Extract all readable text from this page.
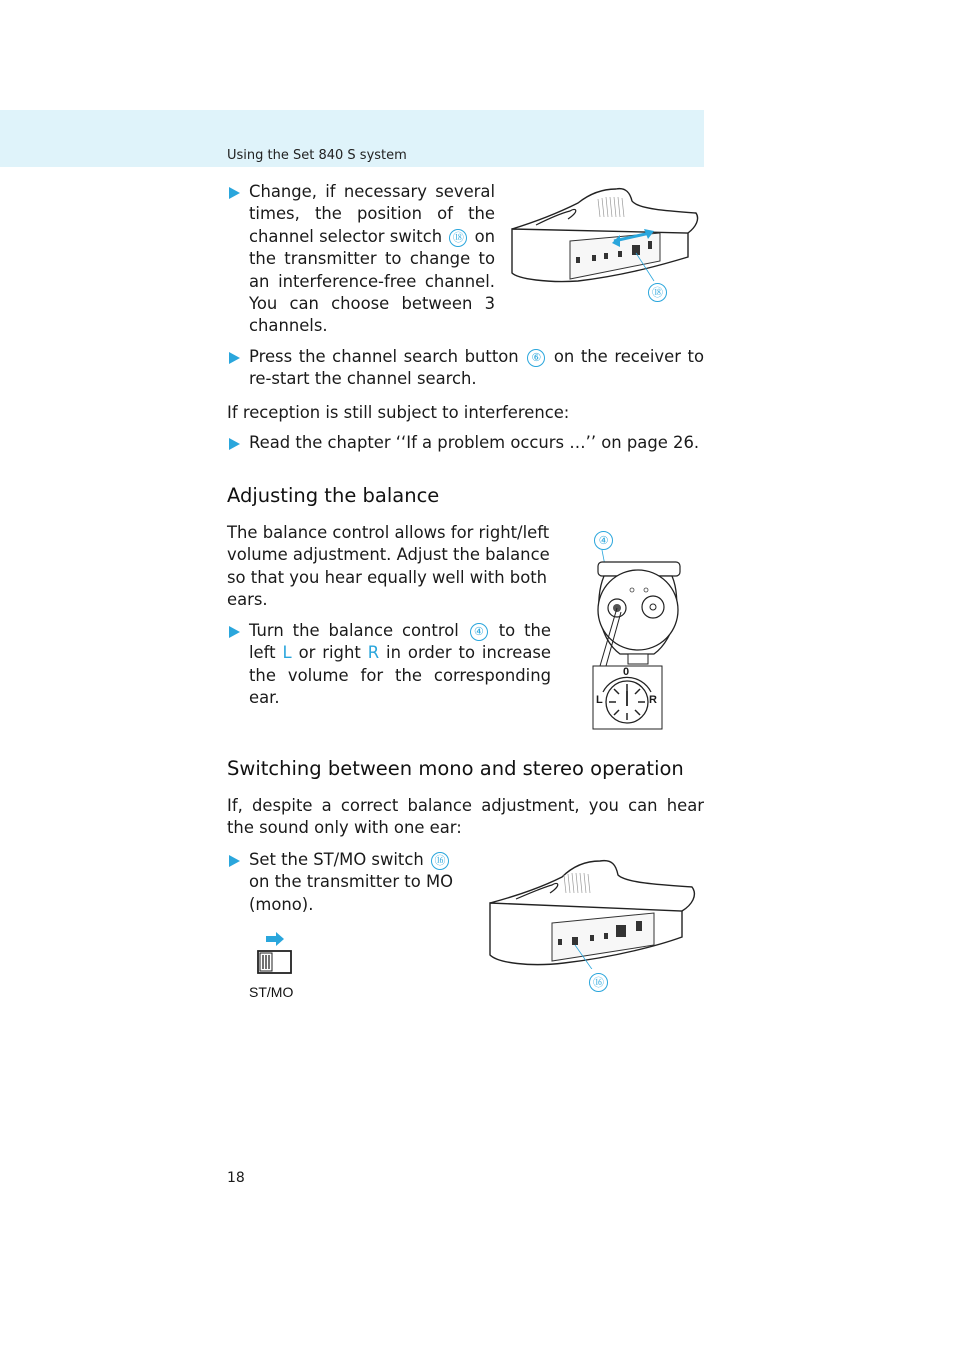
Using the Set 840 S system

Change, if necessary several times, the position of the channel selector switch ⑱ on the transmitter to change to an interference-free channel. You can choose between 3 channels.

⑱

Press the channel search button ⑥ on the receiver to re-start the channel search.

If reception is still subject to interference:

Read the chapter ‘‘If a problem occurs …’’ on page 26.

Adjusting the balance

The balance control allows for right/left volume adjustment. Adjust the balance so that you hear equally well with both ears.

Turn the balance control ④ to the left L or right R in order to increase the volume for the corresponding ear.

④
0
L	R
Switching between mono and stereo operation

If, despite a correct balance adjustment, you can hear the sound only with one ear:

Set the ST/MO switch ⑯ on the transmitter to MO (mono).

ST/MO
⑯
18
